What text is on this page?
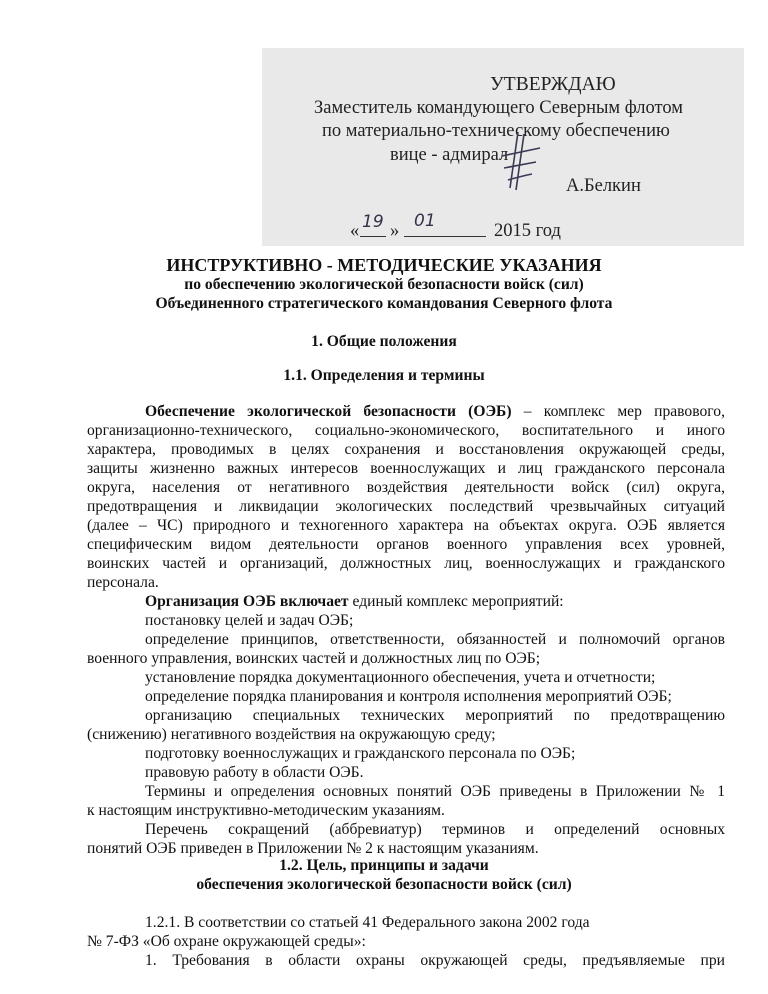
УТВЕРЖДАЮ
Заместитель командующего Северным флотом
по материально-техническому обеспечению
вице - адмирал
А.Белкин
« 19 » 01	2015 год
ИНСТРУКТИВНО - МЕТОДИЧЕСКИЕ УКАЗАНИЯ
по обеспечению экологической безопасности войск (сил)
Объединенного стратегического командования Северного флота
1. Общие положения
1.1. Определения и термины
Обеспечение экологической безопасности (ОЭБ) – комплекс мер правового,
организационно-технического, социально-экономического, воспитательного и иного
характера, проводимых в целях сохранения и восстановления окружающей среды,
защиты жизненно важных интересов военнослужащих и лиц гражданского персонала
округа, населения от негативного воздействия деятельности войск (сил) округа,
предотвращения и ликвидации экологических последствий чрезвычайных ситуаций
(далее – ЧС) природного и техногенного характера на объектах округа. ОЭБ является
специфическим видом деятельности органов военного управления всех уровней,
воинских частей и организаций, должностных лиц, военнослужащих и гражданского
персонала.
Организация ОЭБ включает единый комплекс мероприятий:
постановку целей и задач ОЭБ;
определение принципов, ответственности, обязанностей и полномочий органов
военного управления, воинских частей и должностных лиц по ОЭБ;
установление порядка документационного обеспечения, учета и отчетности;
определение порядка планирования и контроля исполнения мероприятий ОЭБ;
организацию специальных технических мероприятий по предотвращению
(снижению) негативного воздействия на окружающую среду;
подготовку военнослужащих и гражданского персонала по ОЭБ;
правовую работу в области ОЭБ.
Термины и определения основных понятий ОЭБ приведены в Приложении № 1
к настоящим инструктивно-методическим указаниям.
Перечень сокращений (аббревиатур) терминов и определений основных
понятий ОЭБ приведен в Приложении № 2 к настоящим указаниям.
1.2. Цель, принципы и задачи
обеспечения экологической безопасности войск (сил)
1.2.1. В соответствии со статьей 41 Федерального закона 2002 года
№ 7-ФЗ «Об охране окружающей среды»:
1. Требования в области охраны окружающей среды, предъявляемые при
